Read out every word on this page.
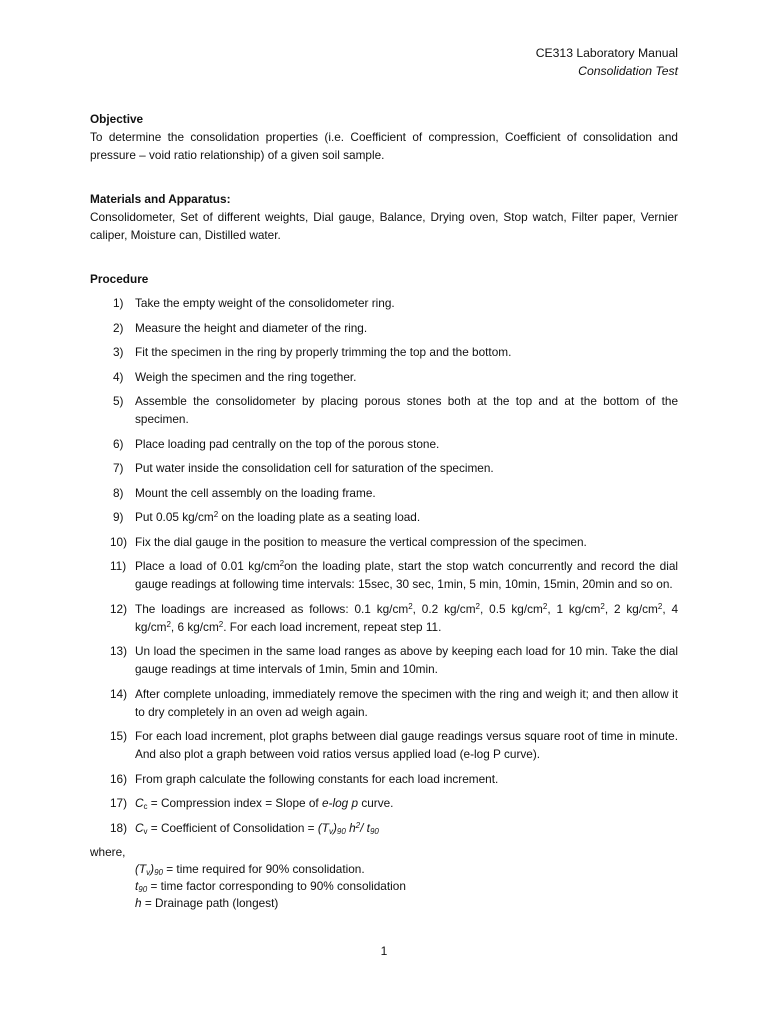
CE313 Laboratory Manual
Consolidation Test
Objective
To determine the consolidation properties (i.e. Coefficient of compression, Coefficient of consolidation and pressure – void ratio relationship) of a given soil sample.
Materials and Apparatus:
Consolidometer, Set of different weights, Dial gauge, Balance, Drying oven, Stop watch, Filter paper, Vernier caliper, Moisture can, Distilled water.
Procedure
1) Take the empty weight of the consolidometer ring.
2) Measure the height and diameter of the ring.
3) Fit the specimen in the ring by properly trimming the top and the bottom.
4) Weigh the specimen and the ring together.
5) Assemble the consolidometer by placing porous stones both at the top and at the bottom of the specimen.
6) Place loading pad centrally on the top of the porous stone.
7) Put water inside the consolidation cell for saturation of the specimen.
8) Mount the cell assembly on the loading frame.
9) Put 0.05 $kg/cm^2$ on the loading plate as a seating load.
10) Fix the dial gauge in the position to measure the vertical compression of the specimen.
11) Place a load of 0.01 $kg/cm^2on$ the loading plate, start the stop watch concurrently and record the dial gauge readings at following time intervals: 15sec, 30 sec, 1min, 5 min, 10min, 15min, 20min and so on.
12) The loadings are increased as follows: 0.1 $kg/cm^2$, 0.2 $kg/cm^2$, 0.5 $kg/cm^2$, 1 $kg/cm^2$, 2 $kg/cm^2$, 4 $kg/cm^2$, 6 $kg/cm^2$. For each load increment, repeat step 11.
13) Un load the specimen in the same load ranges as above by keeping each load for 10 min. Take the dial gauge readings at time intervals of 1min, 5min and 10min.
14) After complete unloading, immediately remove the specimen with the ring and weigh it; and then allow it to dry completely in an oven ad weigh again.
15) For each load increment, plot graphs between dial gauge readings versus square root of time in minute. And also plot a graph between void ratios versus applied load (e-log P curve).
16) From graph calculate the following constants for each load increment.
17) $C_c$ = Compression index = Slope of e-log p curve.
18) $C_v$ = Coefficient of Consolidation = $(T_v)_{90}$ $h^2/$ $t_{90}$
where,
$(T_v)_{90}$ = time required for 90% consolidation.
$t_{90}$ = time factor corresponding to 90% consolidation
h = Drainage path (longest)
1
